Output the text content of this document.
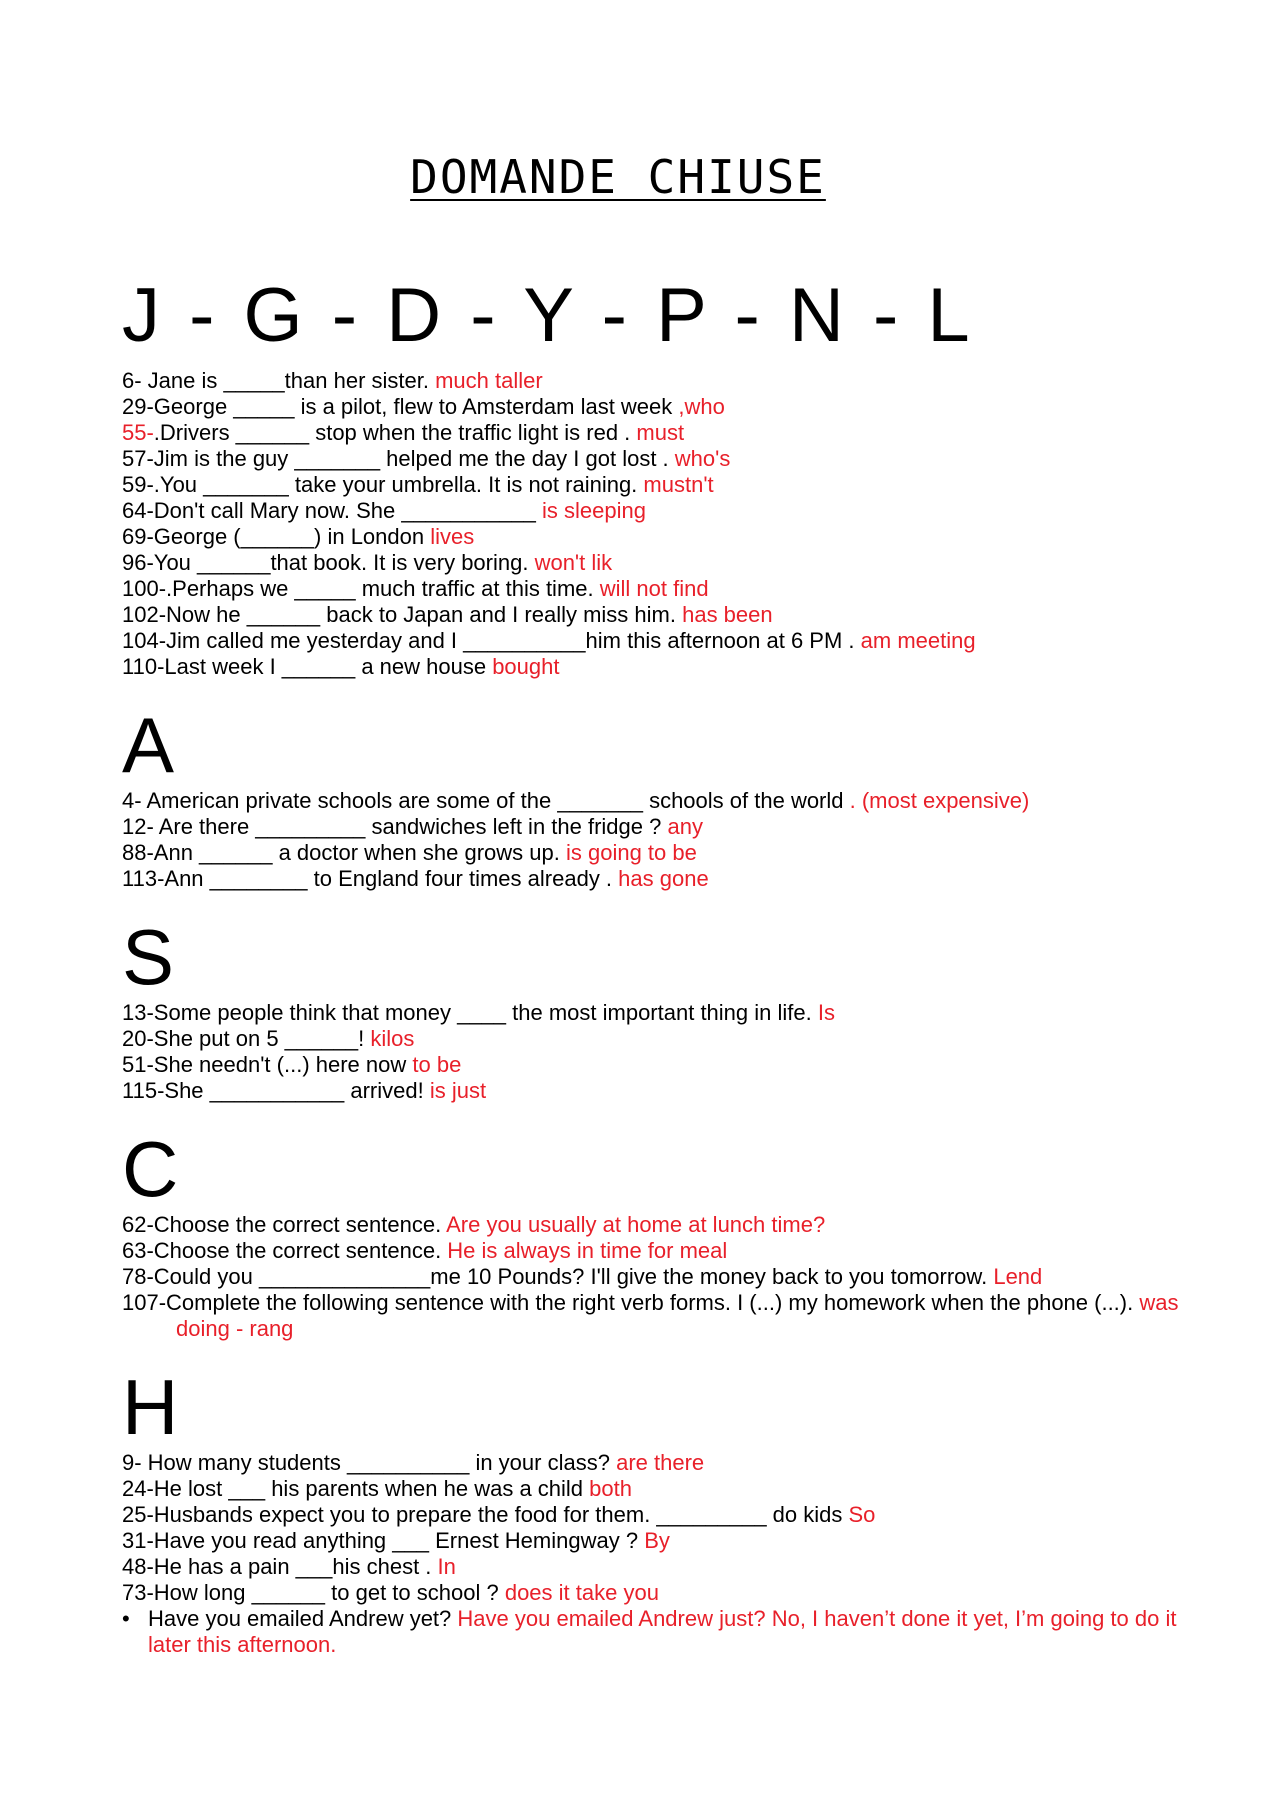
DOMANDE CHIUSE
J - G - D - Y - P - N - L
6- Jane is _____than her sister. much taller
29-George _____ is a pilot, flew to Amsterdam last week ,who
55-.Drivers ______ stop when the traffic light is red . must
57-Jim is the guy _______ helped me the day I got lost . who's
59-.You _______ take your umbrella. It is not raining. mustn't
64-Don't call Mary now. She ___________ is sleeping
69-George (______) in London lives
96-You ______that book. It is very boring. won't lik
100-.Perhaps we _____ much traffic at this time. will not find
102-Now he ______ back to Japan and I really miss him. has been
104-Jim called me yesterday and I __________him this afternoon at 6 PM . am meeting
110-Last week I ______ a new house bought
A
4- American private schools are some of the _______ schools of the world . (most expensive)
12- Are there _________ sandwiches left in the fridge ? any
88-Ann ______ a doctor when she grows up. is going to be
113-Ann ________ to England four times already . has gone
S
13-Some people think that money ____ the most important thing in life. Is
20-She put on 5 ______! kilos
51-She needn't (...) here now to be
115-She ___________ arrived! is just
C
62-Choose the correct sentence. Are you usually at home at lunch time?
63-Choose the correct sentence. He is always in time for meal
78-Could you ______________me 10 Pounds? I'll give the money back to you tomorrow. Lend
107-Complete the following sentence with the right verb forms. I (...) my homework when the phone (...). was doing - rang
H
9- How many students __________ in your class? are there
24-He lost ___ his parents when he was a child both
25-Husbands expect you to prepare the food for them. _________ do kids So
31-Have you read anything ___ Ernest Hemingway ? By
48-He has a pain ___his chest . In
73-How long ______ to get to school ? does it take you
• Have you emailed Andrew yet? Have you emailed Andrew just? No, I haven’t done it yet, I’m going to do it later this afternoon.
